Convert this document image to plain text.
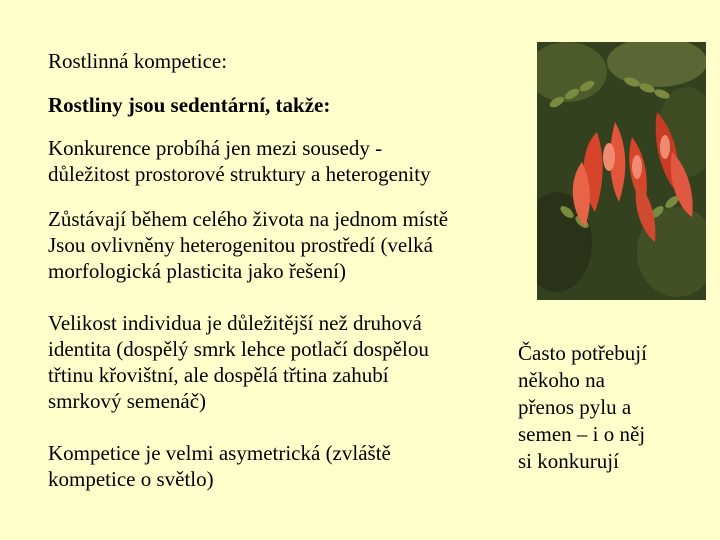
Rostlinná kompetice:
Rostliny jsou sedentární, takže:
Konkurence probíhá jen mezi sousedy -
důležitost prostorové struktury a heterogenity
Zůstávají během celého života na jednom místě
Jsou ovlivněny heterogenitou prostředí (velká
morfologická plasticita jako řešení)
Velikost individua je důležitější než druhová
identita (dospělý smrk lehce potlačí dospělou
třtinu křovištní, ale dospělá třtina zahubí
smrkový semenáč)
Kompetice je velmi asymetrická (zvláště
kompetice o světlo)
Často potřebují
někoho na
přenos pylu a
semen – i o něj
si konkurují
